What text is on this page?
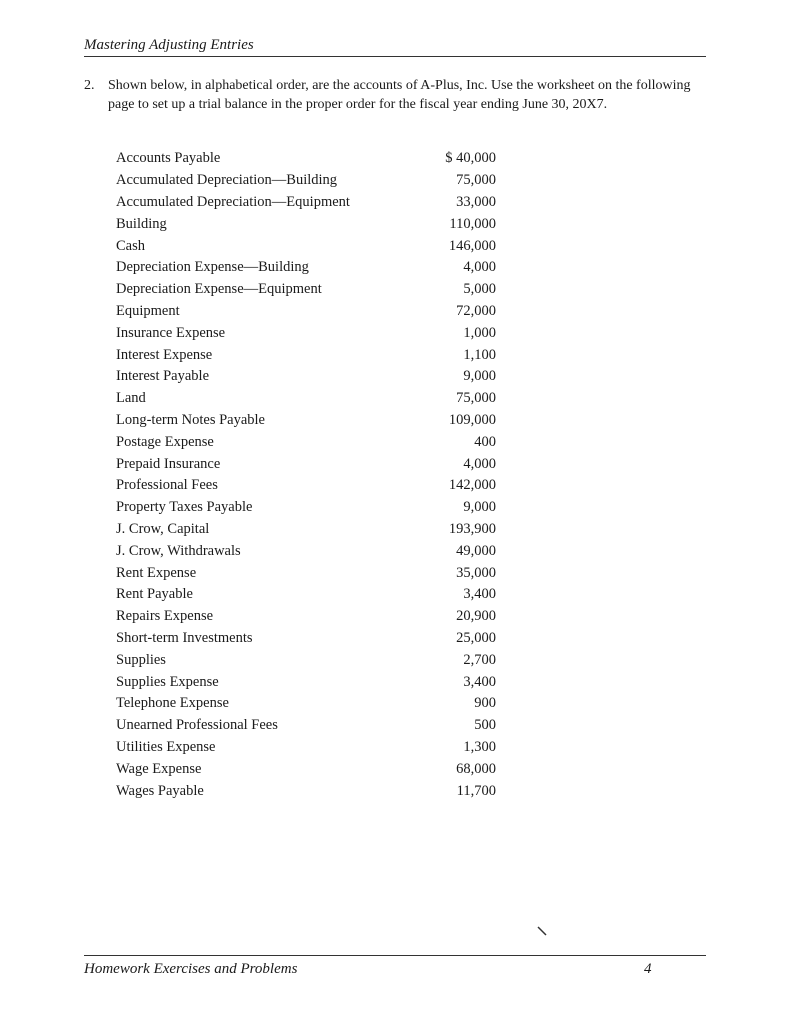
Mastering Adjusting Entries
2. Shown below, in alphabetical order, are the accounts of A-Plus, Inc. Use the worksheet on the following page to set up a trial balance in the proper order for the fiscal year ending June 30, 20X7.
Accounts Payable	$ 40,000
Accumulated Depreciation—Building	75,000
Accumulated Depreciation—Equipment	33,000
Building	110,000
Cash	146,000
Depreciation Expense—Building	4,000
Depreciation Expense—Equipment	5,000
Equipment	72,000
Insurance Expense	1,000
Interest Expense	1,100
Interest Payable	9,000
Land	75,000
Long-term Notes Payable	109,000
Postage Expense	400
Prepaid Insurance	4,000
Professional Fees	142,000
Property Taxes Payable	9,000
J. Crow, Capital	193,900
J. Crow, Withdrawals	49,000
Rent Expense	35,000
Rent Payable	3,400
Repairs Expense	20,900
Short-term Investments	25,000
Supplies	2,700
Supplies Expense	3,400
Telephone Expense	900
Unearned Professional Fees	500
Utilities Expense	1,300
Wage Expense	68,000
Wages Payable	11,700
Homework Exercises and Problems	4
